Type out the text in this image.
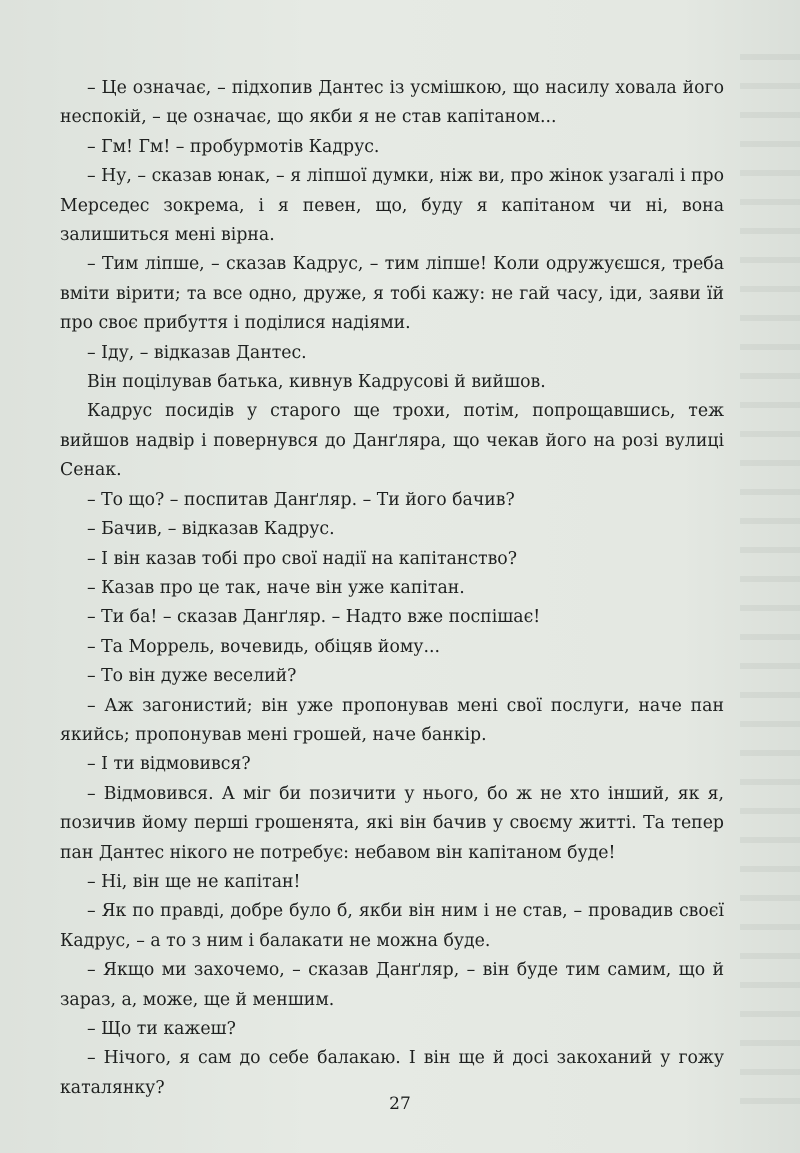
– Це означає, – підхопив Дантес із усмішкою, що насилу ховала його неспокій, – це означає, що якби я не став капітаном...

– Гм! Гм! – пробурмотів Кадрус.

– Ну, – сказав юнак, – я ліпшої думки, ніж ви, про жінок узагалі і про Мерседес зокрема, і я певен, що, буду я капітаном чи ні, вона залишиться мені вірна.

– Тим ліпше, – сказав Кадрус, – тим ліпше! Коли одружуєшся, треба вміти вірити; та все одно, друже, я тобі кажу: не гай часу, іди, заяви їй про своє прибуття і поділися надіями.

– Іду, – відказав Дантес.

Він поцілував батька, кивнув Кадрусові й вийшов.

Кадрус посидів у старого ще трохи, потім, попрощавшись, теж вийшов надвір і повернувся до Данґляра, що чекав його на розі вулиці Сенак.

– То що? – поспитав Данґляр. – Ти його бачив?

– Бачив, – відказав Кадрус.

– І він казав тобі про свої надії на капітанство?

– Казав про це так, наче він уже капітан.

– Ти ба! – сказав Данґляр. – Надто вже поспішає!

– Та Моррель, вочевидь, обіцяв йому...

– То він дуже веселий?

– Аж загонистий; він уже пропонував мені свої послуги, наче пан якийсь; пропонував мені грошей, наче банкір.

– І ти відмовився?

– Відмовився. А міг би позичити у нього, бо ж не хто інший, як я, позичив йому перші грошенята, які він бачив у своєму житті. Та тепер пан Дантес нікого не потребує: небавом він капітаном буде!

– Ні, він ще не капітан!

– Як по правді, добре було б, якби він ним і не став, – провадив своєї Кадрус, – а то з ним і балакати не можна буде.

– Якщо ми захочемо, – сказав Данґляр, – він буде тим самим, що й зараз, а, може, ще й меншим.

– Що ти кажеш?

– Нічого, я сам до себе балакаю. І він ще й досі закоханий у гожу каталянку?

27
